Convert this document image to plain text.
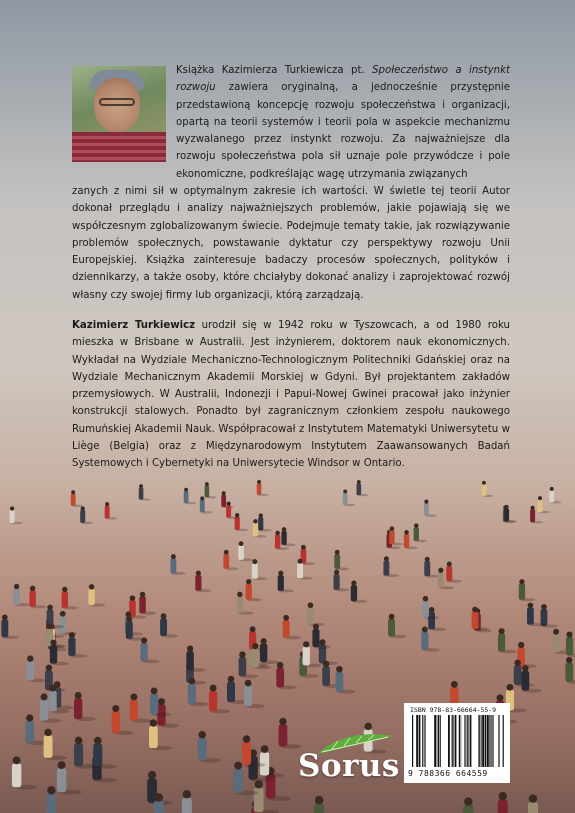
Książka Kazimierza Turkiewicza pt. Społeczeństwo a instynkt rozwoju zawiera oryginalną, a jednocześnie przystępnie przedstawioną koncepcję rozwoju społeczeństwa i organizacji, opartą na teorii systemów i teorii pola w aspekcie mechanizmu wyzwalanego przez instynkt rozwoju. Za najważniejsze dla rozwoju społeczeństwa pola sił uznaje pole przywódcze i pole ekonomiczne, podkreślając wagę utrzymania związanych
zanych z nimi sił w optymalnym zakresie ich wartości. W świetle tej teorii Autor dokonał przeglądu i analizy najważniejszych problemów, jakie pojawiają się we współczesnym zglobalizowanym świecie. Podejmuje tematy takie, jak rozwiązywanie problemów społecznych, powstawanie dyktatur czy perspektywy rozwoju Unii Europejskiej. Książka zainteresuje badaczy procesów społecznych, polityków i dziennikarzy, a także osoby, które chciałyby dokonać analizy i zaprojektować rozwój własny czy swojej firmy lub organizacji, którą zarządzają.
Kazimierz Turkiewicz urodził się w 1942 roku w Tyszowcach, a od 1980 roku mieszka w Brisbane w Australii. Jest inżynierem, doktorem nauk ekonomicznych. Wykładał na Wydziale Mechaniczno-Technologicznym Politechniki Gdańskiej oraz na Wydziale Mechanicznym Akademii Morskiej w Gdyni. Był projektantem zakładów przemysłowych. W Australii, Indonezji i Papui-Nowej Gwinei pracował jako inżynier konstrukcji stalowych. Ponadto był zagranicznym członkiem zespołu naukowego Rumuńskiej Akademii Nauk. Współpracował z Instytutem Matematyki Uniwersytetu w Liège (Belgia) oraz z Międzynarodowym Instytutem Zaawansowanych Badań Systemowych i Cybernetyki na Uniwersytecie Windsor w Ontario.
ISBN 978-83-66664-55-9
9 788366 664559
Sorus
